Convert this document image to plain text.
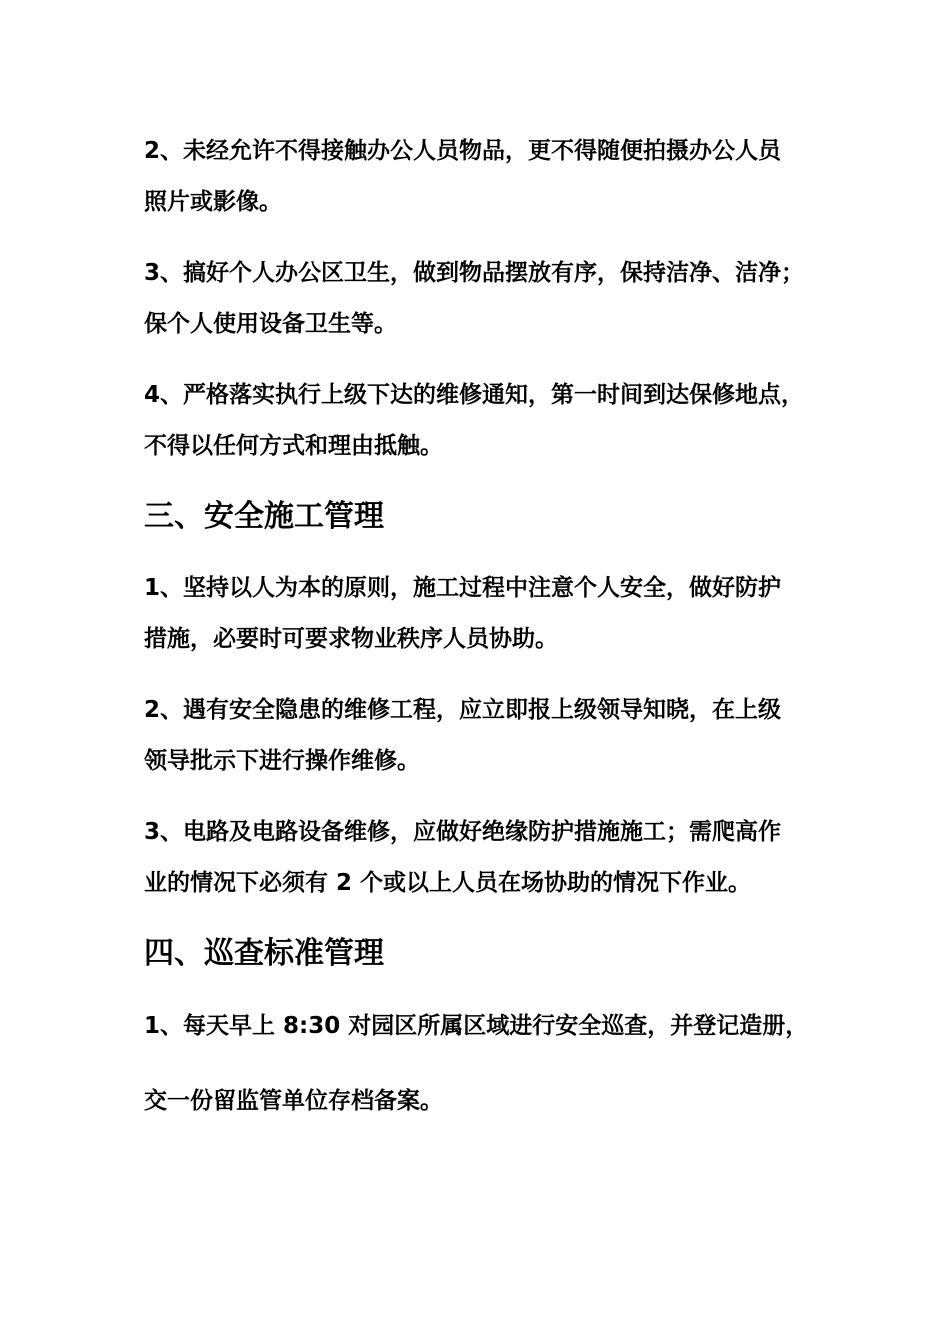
2、未经允许不得接触办公人员物品，更不得随便拍摄办公人员
照片或影像。
3、搞好个人办公区卫生，做到物品摆放有序，保持洁净、洁净；
保个人使用设备卫生等。
4、严格落实执行上级下达的维修通知，第一时间到达保修地点，
不得以任何方式和理由抵触。
三、安全施工管理
1、坚持以人为本的原则，施工过程中注意个人安全，做好防护
措施，必要时可要求物业秩序人员协助。
2、遇有安全隐患的维修工程，应立即报上级领导知晓，在上级
领导批示下进行操作维修。
3、电路及电路设备维修，应做好绝缘防护措施施工；需爬高作
业的情况下必须有 2 个或以上人员在场协助的情况下作业。
四、巡查标准管理
1、每天早上 8:30 对园区所属区域进行安全巡查，并登记造册，
交一份留监管单位存档备案。
